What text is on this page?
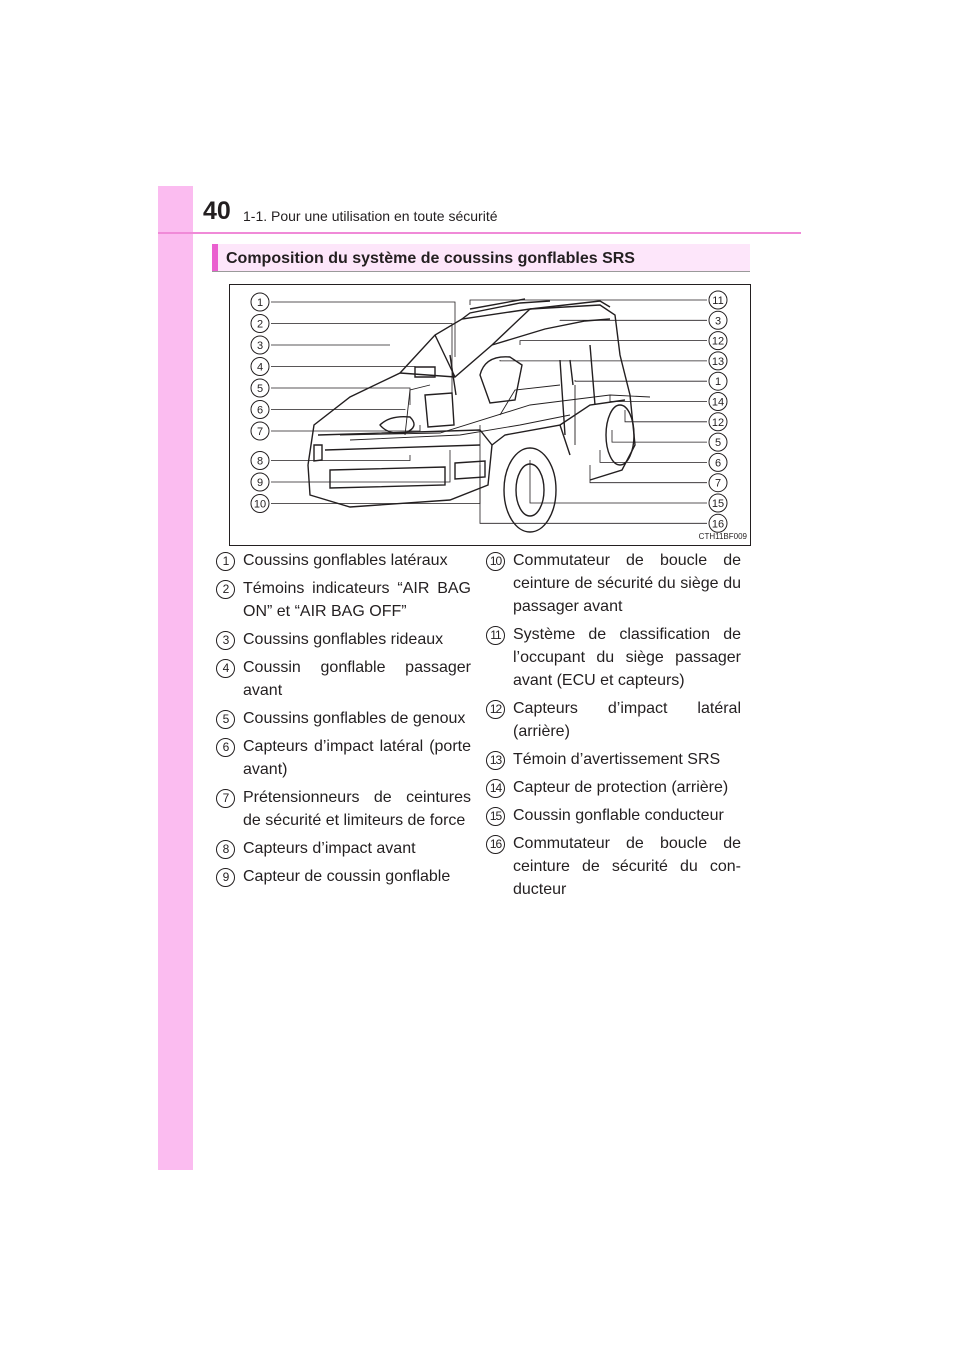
40 1-1. Pour une utilisation en toute sécurité
Composition du système de coussins gonflables SRS
1
2
3
4
5
6
7
8
9
10
11
3
12
13
1
14
12
5
6
7
15
16
CTH11BF009
1 Coussins gonflables latéraux
2 Témoins indicateurs “AIR BAG ON” et “AIR BAG OFF”
3 Coussins gonflables rideaux
4 Coussin gonflable passager avant
5 Coussins gonflables de genoux
6 Capteurs d’impact latéral (porte avant)
7 Prétensionneurs de ceintures de sécurité et limiteurs de force
8 Capteurs d’impact avant
9 Capteur de coussin gonflable
10 Commutateur de boucle de ceinture de sécurité du siège du passager avant
11 Système de classification de l’occupant du siège passager avant (ECU et capteurs)
12 Capteurs d’impact latéral (arrière)
13 Témoin d’avertissement SRS
14 Capteur de protection (arrière)
15 Coussin gonflable conducteur
16 Commutateur de boucle de ceinture de sécurité du con-ducteur
